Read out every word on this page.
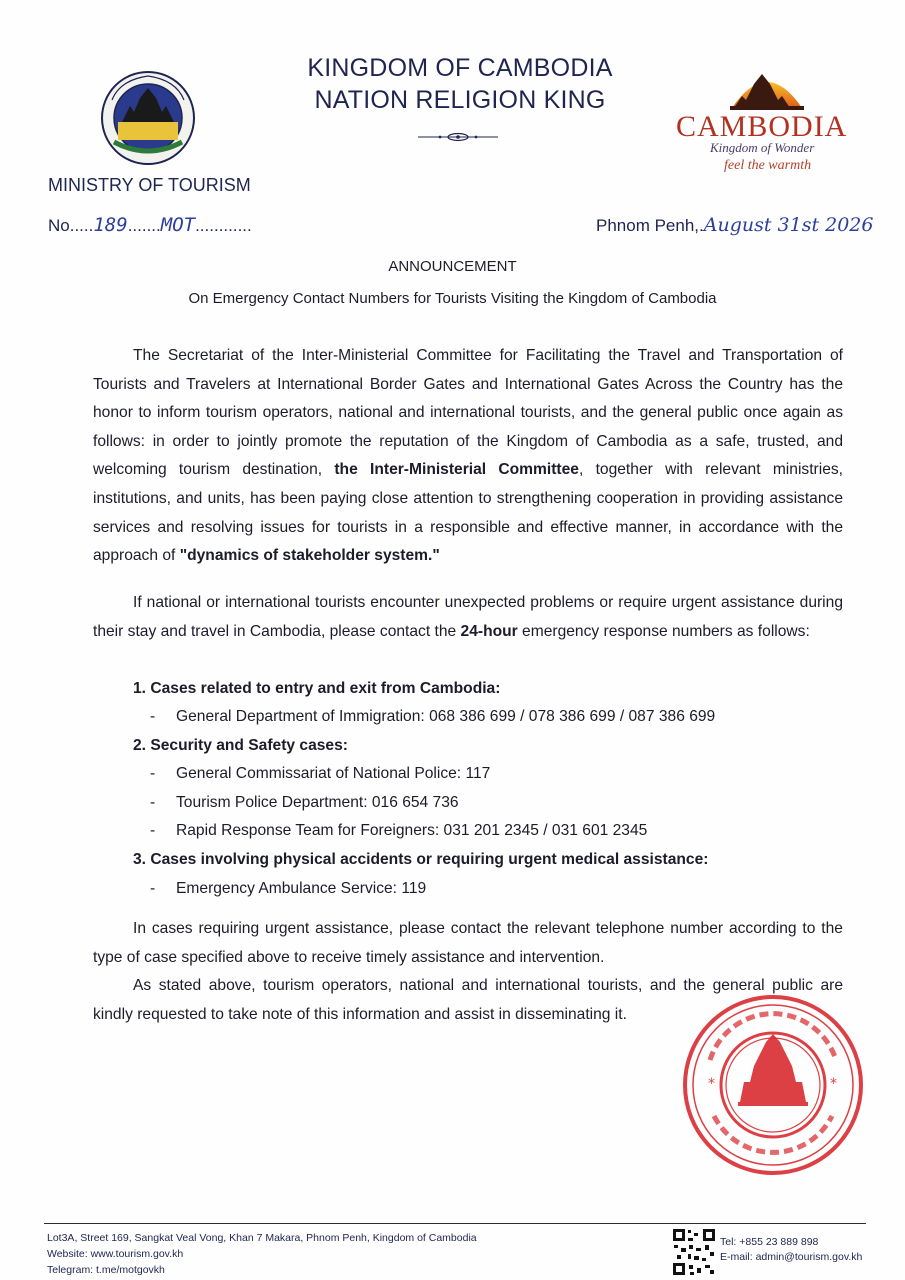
KINGDOM OF CAMBODIA
NATION RELIGION KING
MINISTRY OF TOURISM
CAMBODIA
Kingdom of Wonder
feel the warmth
No.....189.......MOT............	Phnom Penh,.August 31st 2026
ANNOUNCEMENT
On Emergency Contact Numbers for Tourists Visiting the Kingdom of Cambodia
The Secretariat of the Inter-Ministerial Committee for Facilitating the Travel and Transportation of Tourists and Travelers at International Border Gates and International Gates Across the Country has the honor to inform tourism operators, national and international tourists, and the general public once again as follows: in order to jointly promote the reputation of the Kingdom of Cambodia as a safe, trusted, and welcoming tourism destination, the Inter-Ministerial Committee, together with relevant ministries, institutions, and units, has been paying close attention to strengthening cooperation in providing assistance services and resolving issues for tourists in a responsible and effective manner, in accordance with the approach of "dynamics of stakeholder system."
If national or international tourists encounter unexpected problems or require urgent assistance during their stay and travel in Cambodia, please contact the 24-hour emergency response numbers as follows:
1. Cases related to entry and exit from Cambodia:
- General Department of Immigration: 068 386 699 / 078 386 699 / 087 386 699
2. Security and Safety cases:
- General Commissariat of National Police: 117
- Tourism Police Department: 016 654 736
- Rapid Response Team for Foreigners: 031 201 2345 / 031 601 2345
3. Cases involving physical accidents or requiring urgent medical assistance:
- Emergency Ambulance Service: 119
In cases requiring urgent assistance, please contact the relevant telephone number according to the type of case specified above to receive timely assistance and intervention.
As stated above, tourism operators, national and international tourists, and the general public are kindly requested to take note of this information and assist in disseminating it.
*	*
Lot3A, Street 169, Sangkat Veal Vong, Khan 7 Makara, Phnom Penh, Kingdom of Cambodia
Website: www.tourism.gov.kh
Telegram: t.me/motgovkh
Tel: +855 23 889 898
E-mail: admin@tourism.gov.kh
